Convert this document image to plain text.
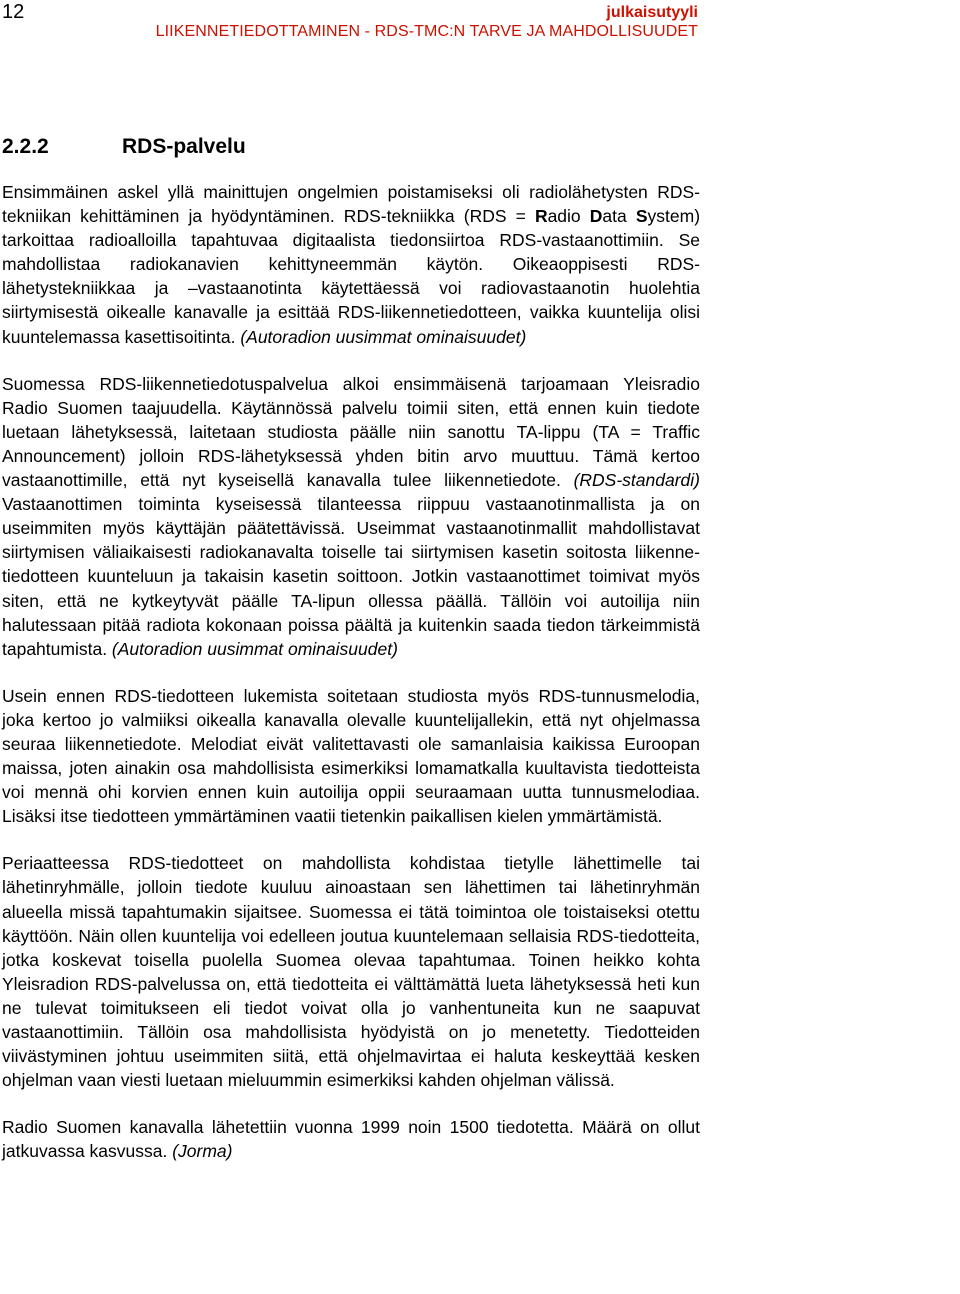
12	julkaisutyyli
LIIKENNETIEDOTTAMINEN - RDS-TMC:N TARVE JA MAHDOLLISUUDET
2.2.2	RDS-palvelu

Ensimmäinen askel yllä mainittujen ongelmien poistamiseksi oli radiolähetysten RDS-tekniikan kehittäminen ja hyödyntäminen. RDS-tekniikka (RDS = Radio Data System) tarkoittaa radioalloilla tapahtuvaa digitaalista tiedonsiirtoa RDS-vastaanottimiin. Se mahdollistaa radiokanavien kehittyneemmän käytön. Oikeaoppisesti RDS-lähetystekniikkaa ja –vastaanotinta käytettäessä voi radiovastaanotin huolehtia siirtymisestä oikealle kanavalle ja esittää RDS-liikennetiedotteen, vaikka kuuntelija olisi kuuntelemassa kasettisoitinta. (Autoradion uusimmat ominaisuudet)

Suomessa RDS-liikennetiedotuspalvelua alkoi ensimmäisenä tarjoamaan Yleisradio Radio Suomen taajuudella. Käytännössä palvelu toimii siten, että ennen kuin tiedote luetaan lähetyksessä, laitetaan studiosta päälle niin sanottu TA-lippu (TA = Traffic Announcement) jolloin RDS-lähetyksessä yhden bitin arvo muuttuu. Tämä kertoo vastaanottimille, että nyt kyseisellä kanavalla tulee liikennetiedote. (RDS-standardi) Vastaanottimen toiminta kyseisessä tilanteessa riippuu vastaanotinmallista ja on useimmiten myös käyttäjän päätettävissä. Useimmat vastaanotinmallit mahdollistavat siirtymisen väliaikaisesti radiokanavalta toiselle tai siirtymisen kasetin soitosta liikennetiedotteen kuunteluun ja takaisin kasetin soittoon. Jotkin vastaanottimet toimivat myös siten, että ne kytkeytyvät päälle TA-lipun ollessa päällä. Tällöin voi autoilija niin halutessaan pitää radiota kokonaan poissa päältä ja kuitenkin saada tiedon tärkeimmistä tapahtumista. (Autoradion uusimmat ominaisuudet)

Usein ennen RDS-tiedotteen lukemista soitetaan studiosta myös RDS-tunnusmelodia, joka kertoo jo valmiiksi oikealla kanavalla olevalle kuuntelijallekin, että nyt ohjelmassa seuraa liikennetiedote. Melodiat eivät valitettavasti ole samanlaisia kaikissa Euroopan maissa, joten ainakin osa mahdollisista esimerkiksi lomamatkalla kuultavista tiedotteista voi mennä ohi korvien ennen kuin autoilija oppii seuraamaan uutta tunnusmelodiaa. Lisäksi itse tiedotteen ymmärtäminen vaatii tietenkin paikallisen kielen ymmärtämistä.

Periaatteessa RDS-tiedotteet on mahdollista kohdistaa tietylle lähettimelle tai lähetinryhmälle, jolloin tiedote kuuluu ainoastaan sen lähettimen tai lähetinryhmän alueella missä tapahtumakin sijaitsee. Suomessa ei tätä toimintoa ole toistaiseksi otettu käyttöön. Näin ollen kuuntelija voi edelleen joutua kuuntelemaan sellaisia RDS-tiedotteita, jotka koskevat toisella puolella Suomea olevaa tapahtumaa. Toinen heikko kohta Yleisradion RDS-palvelussa on, että tiedotteita ei välttämättä lueta lähetyksessä heti kun ne tulevat toimitukseen eli tiedot voivat olla jo vanhentuneita kun ne saapuvat vastaanottimiin. Tällöin osa mahdollisista hyödyistä on jo menetetty. Tiedotteiden viivästyminen johtuu useimmiten siitä, että ohjelmavirtaa ei haluta keskeyttää kesken ohjelman vaan viesti luetaan mieluummin esimerkiksi kahden ohjelman välissä.

Radio Suomen kanavalla lähetettiin vuonna 1999 noin 1500 tiedotetta. Määrä on ollut jatkuvassa kasvussa. (Jorma)
